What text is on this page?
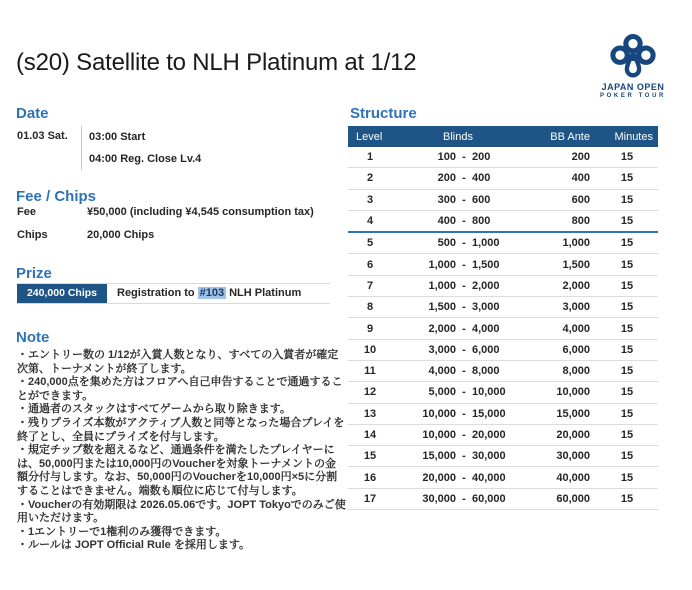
(s20) Satellite to NLH Platinum at 1/12
JAPAN OPEN
POKER TOUR
Date
01.03 Sat.	03:00 Start
04:00 Reg. Close Lv.4
Fee / Chips
Fee	¥50,000 (including ¥4,545 consumption tax)
Chips	20,000 Chips
Prize
240,000 Chips	Registration to #103 NLH Platinum
Note
・エントリー数の 1/12が入賞人数となり、すべての入賞者が確定次第、トーナメントが終了します。
・240,000点を集めた方はフロアへ自己申告することで通過することができます。
・通過者のスタックはすべてゲームから取り除きます。
・残りプライズ本数がアクティブ人数と同等となった場合プレイを終了とし、全員にプライズを付与します。
・規定チップ数を超えるなど、通過条件を満たしたプレイヤーには、50,000円または10,000円のVoucherを対象トーナメントの金額分付与します。なお、50,000円のVoucherを10,000円×5に分割することはできません。端数も順位に応じて付与します。
・Voucherの有効期限は 2026.05.06です。JOPT Tokyoでのみご使用いただけます。
・1エントリーで1権利のみ獲得できます。
・ルールは JOPT Official Rule を採用します。
Structure
Level	Blinds	BB Ante	Minutes
1	100 - 200	200	15
2	200 - 400	400	15
3	300 - 600	600	15
4	400 - 800	800	15
5	500 - 1,000	1,000	15
6	1,000 - 1,500	1,500	15
7	1,000 - 2,000	2,000	15
8	1,500 - 3,000	3,000	15
9	2,000 - 4,000	4,000	15
10	3,000 - 6,000	6,000	15
11	4,000 - 8,000	8,000	15
12	5,000 - 10,000	10,000	15
13	10,000 - 15,000	15,000	15
14	10,000 - 20,000	20,000	15
15	15,000 - 30,000	30,000	15
16	20,000 - 40,000	40,000	15
17	30,000 - 60,000	60,000	15
